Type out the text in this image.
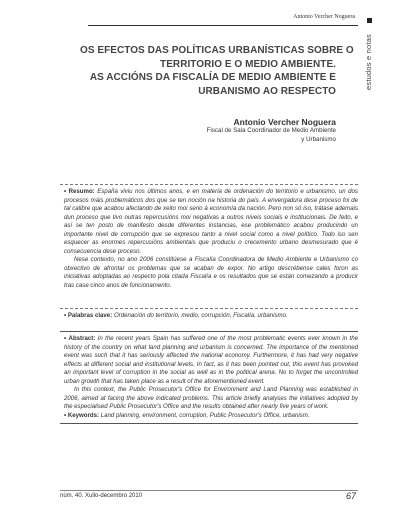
Antonio Vercher Noguera
estudos e notas
OS EFECTOS DAS POLÍTICAS URBANÍSTICAS SOBRE O
TERRITORIO E O MEDIO AMBIENTE.
AS ACCIÓNS DA FISCALÍA DE MEDIO AMBIENTE E
URBANISMO AO RESPECTO
Antonio Vercher Noguera
Fiscal de Sala Coordinador de Medio Ambiente
y Urbanismo

• Resumo: España viviu nos últimos anos, e en materia de ordenación do territorio e urbanismo, un dos procesos máis problemáticos dos que se ten noción na historia do país. A envergadura dese proceso foi de tal calibre que acabou afectando de xeito moi serio á economía da nación. Pero non só iso, trátase ademais dun proceso que tivo outras repercusións moi negativas a outros niveis sociais e institucionais. De feito, e así se ten posto de manifesto desde diferentes instancias, ese problemático acabou producindo un importante nivel de corrupción que se expresou tanto a nivel social como a nivel político. Todo iso sen esquecer as enormes repercusións ambientais que produciu o crecemento urbano desmesurado que é consecuencia dese proceso.

Nese contexto, no ano 2006 constitúese a Fiscalía Coordinadora de Medio Ambiente e Urbanismo co obxectivo de afrontar os problemas que se acaban de expor. No artigo descrébense cales foron as iniciativas adoptadas ao respecto pola citada Fiscalía e os resultados que se están comezando a producir tras case cinco anos de funcionamento.

• Palabras clave: Ordenación do territorio, medio, corrupción, Fiscalía, urbanismo.

• Abstract: In the recent years Spain has suffered one of the most problematic events ever known in the history of the country on what land planning and urbanism is concerned. The importance of the mentioned event was such that it has seriously affected the national economy. Furthermore, it has had very negative effects at different social and institutional levels. In fact, as it has been pointed out, this event has provoked an important level of corruption in the social as well as in the political arena. No to forget the uncontrolled urban growth that has taken place as a result of the aforementioned event.

In this context, the Public Prosecutor's Office for Environment and Land Planning was established in 2006, aimed at facing the above indicated problems. This article briefly analyses the initiatives adopted by the especialised Public Prosecutor's Office and the results obtained after nearly five years of work.

• Keywords: Land planning, environment, corruption, Public Prosecutor's Office, urbanism.

núm. 40. Xullo-decembro 2010	67
